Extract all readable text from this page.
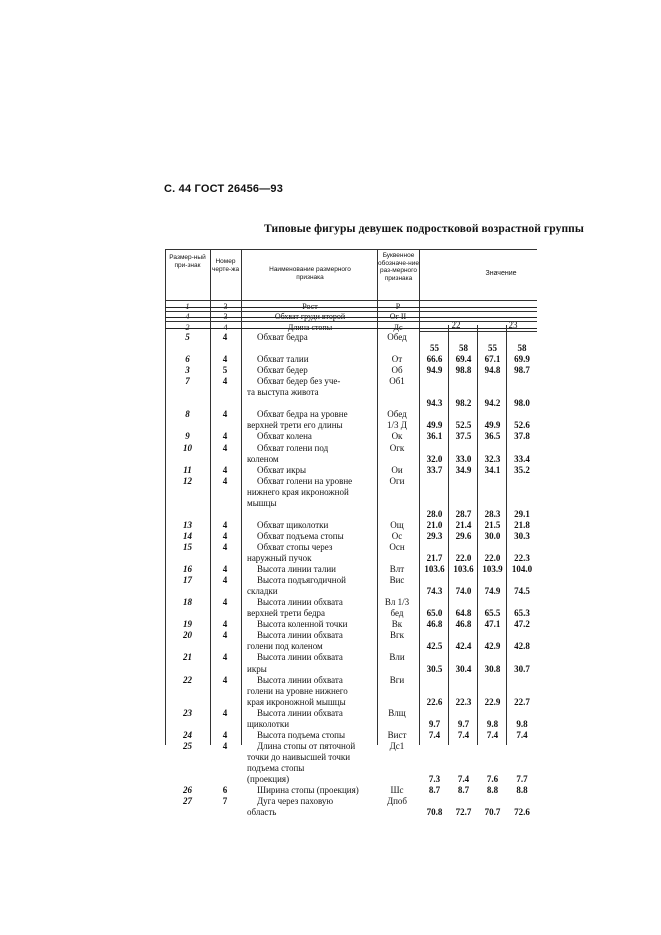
С. 44 ГОСТ 26456—93
Типовые фигуры девушек подростковой возрастной группы
Размер-ный при-знак	Номер черте-жа	Наименование размерного признака
Буквенное обозначе-ние раз-мерного признака
Значение
1	3	Рост	Р
4	3	Обхват груди второй	Ог II
2	4	Длина стопы	Дс	22	23
5	4	Обхват бедра	Обед
55	58	55	58
6	4	Обхват талии	От	66.6	69.4	67.1	69.9
3	5	Обхват бедер	Об	94.9	98.8	94.8	98.7
7	4	Обхват бедер без уче-	Об1
та выступа живота
94.3	98.2	94.2	98.0
8	4	Обхват бедра на уровне	Обед
верхней трети его длины	1/3 Д	49.9	52.5	49.9	52.6
9	4	Обхват колена	Ок	36.1	37.5	36.5	37.8
10	4	Обхват голени под	Огк
коленом	32.0	33.0	32.3	33.4
11	4	Обхват икры	Ои	33.7	34.9	34.1	35.2
12	4	Обхват голени на уровне	Оги
нижнего края икроножной
мышцы
28.0	28.7	28.3	29.1
13	4	Обхват щиколотки	Ощ	21.0	21.4	21.5	21.8
14	4	Обхват подъема стопы	Ос	29.3	29.6	30.0	30.3
15	4	Обхват стопы через	Осн
наружный пучок	21.7	22.0	22.0	22.3
16	4	Высота линии талии	Влт	103.6 103.6 103.9	104.0
17	4	Высота подъягодичной	Вис
складки	74.3	74.0	74.9	74.5
18	4	Высота линии обхвата	Вл 1/3
верхней трети бедра	бед	65.0	64.8	65.5	65.3
19	4	Высота коленной точки	Вк	46.8	46.8	47.1	47.2
20	4	Высота линии обхвата	Вгк
голени под коленом	42.5	42.4	42.9	42.8
21	4	Высота линии обхвата	Вли
икры	30.5	30.4	30.8	30.7
22	4	Высота линии обхвата	Вги
голени на уровне нижнего
края икроножной мышцы	22.6	22.3	22.9	22.7
23	4	Высота линии обхвата	Влщ
щиколотки	9.7	9.7	9.8	9.8
24	4	Высота подъема стопы	Вист	7.4	7.4	7.4	7.4
25	4	Длина стопы от пяточной	Дс1
точки до наивысшей точки
подъема стопы
(проекция)	7.3	7.4	7.6	7.7
26	6	Ширина стопы (проекция)	Шс	8.7	8.7	8.8	8.8
27	7	Дуга через паховую	Дпоб
область	70.8	72.7	70.7	72.6
